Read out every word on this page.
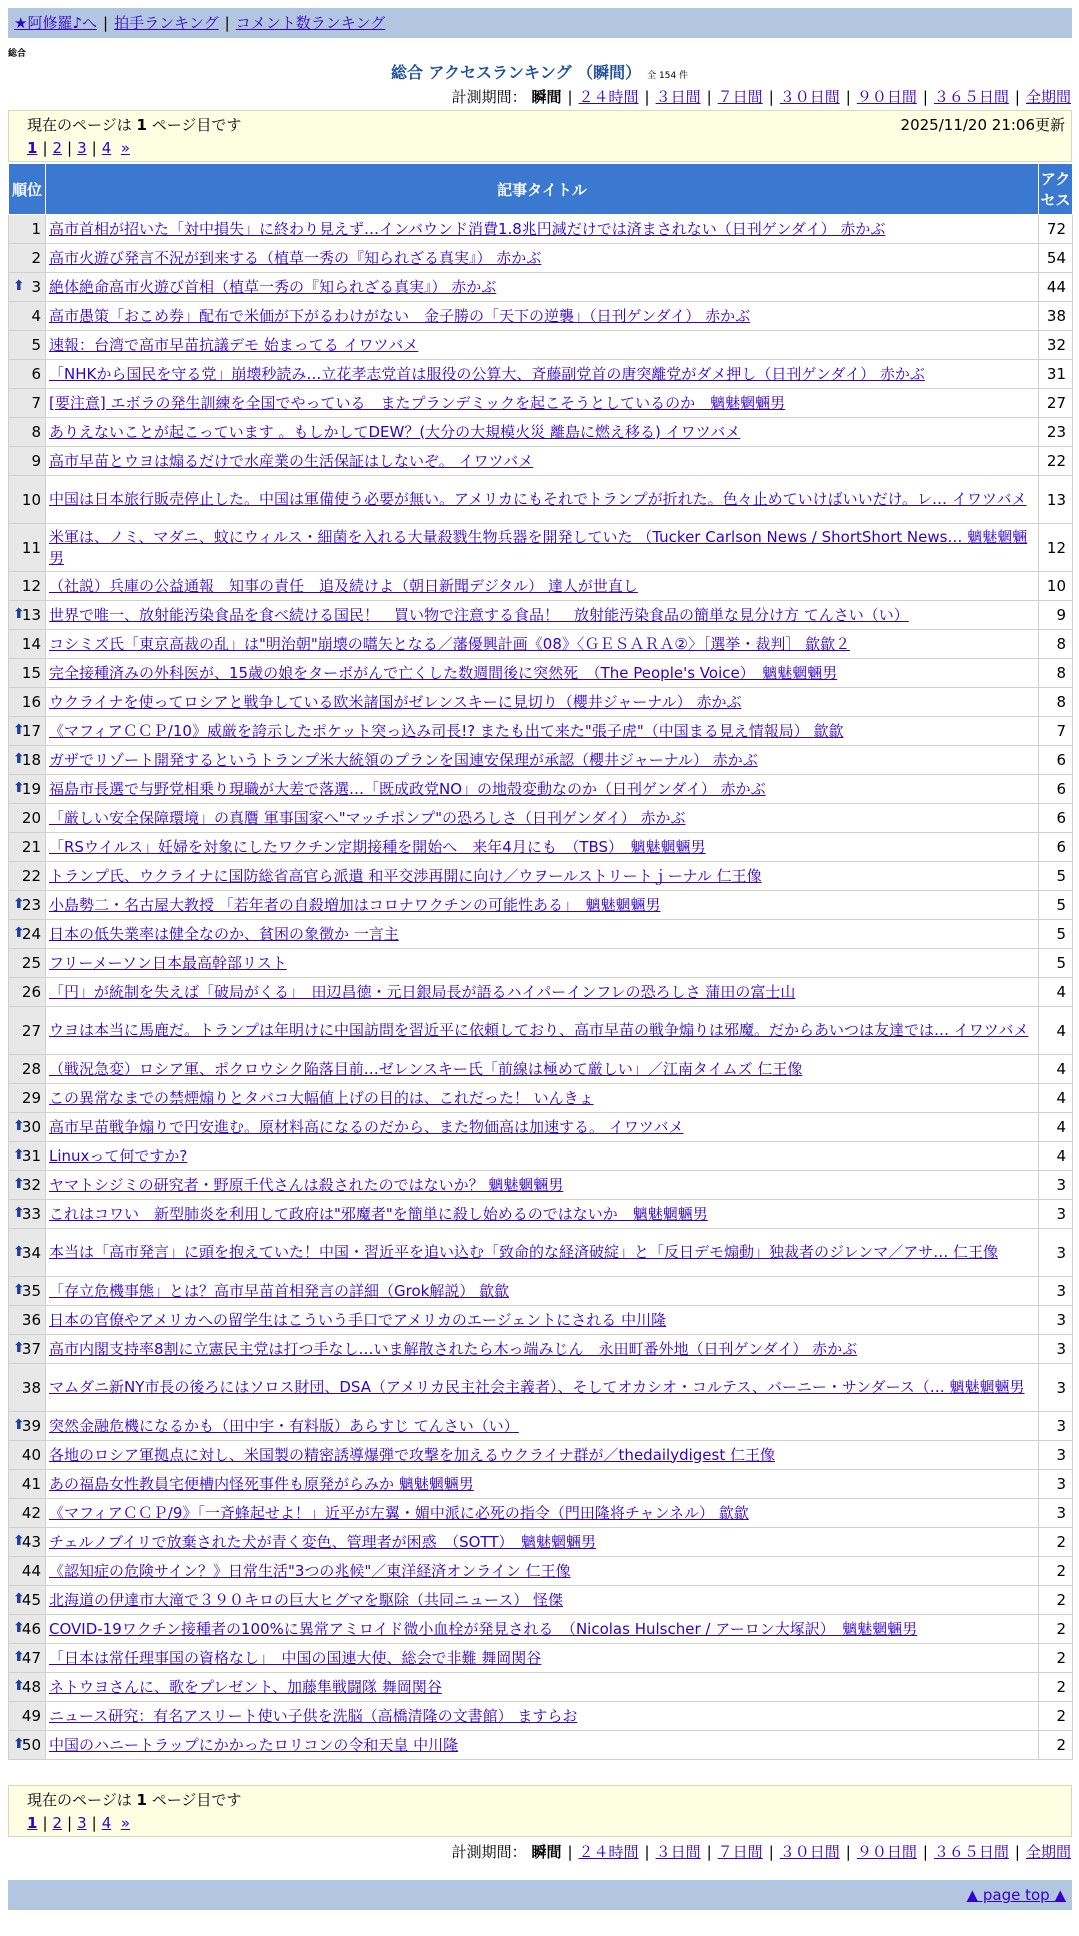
★阿修羅♪へ | 拍手ランキング | コメント数ランキング
総合
総合 アクセスランキング （瞬間） 全 154 件
計測期間： 瞬間 | ２４時間 | ３日間 | ７日間 | ３０日間 | ９０日間 | ３６５日間 | 全期間
現在のページは 1 ページ目です	2025/11/20 21:06更新
1 | 2 | 3 | 4 »
順位	記事タイトル	アクセス
1	高市首相が招いた「対中損失」に終わり見えず…インバウンド消費1.8兆円減だけでは済まされない（日刊ゲンダイ） 赤かぶ	72
2	高市火遊び発言不況が到来する（植草一秀の『知られざる真実』） 赤かぶ	54

⬆ 3	絶体絶命高市火遊び首相（植草一秀の『知られざる真実』） 赤かぶ	44
4	高市愚策「おこめ券」配布で米価が下がるわけがない　金子勝の「天下の逆襲」（日刊ゲンダイ） 赤かぶ	38
5	速報：台湾で高市早苗抗議デモ 始まってる イワツバメ	32
6	「NHKから国民を守る党」崩壊秒読み…立花孝志党首は服役の公算大、斉藤副党首の唐突離党がダメ押し（日刊ゲンダイ） 赤かぶ	31
7	[要注意] エボラの発生訓練を全国でやっている　またプランデミックを起こそうとしているのか　魑魅魍魎男	27
8	ありえないことが起こっています 。もしかしてDEW？(大分の大規模火災 離島に燃え移る) イワツバメ	23
9	高市早苗とウヨは煽るだけで水産業の生活保証はしないぞ。 イワツバメ	22
10	中国は日本旅行販売停止した。中国は軍備使う必要が無い。アメリカにもそれでトランプが折れた。色々止めていけばいいだけ。レ… イワツバメ	13
11	米軍は、ノミ、マダニ、蚊にウィルス・細菌を入れる大量殺戮生物兵器を開発していた （Tucker Carlson News / ShortShort News… 魑魅魍魎男	12
12	（社説）兵庫の公益通報　知事の責任　追及続けよ（朝日新聞デジタル） 達人が世直し	10

⬆
13	世界で唯一、放射能汚染食品を食べ続ける国民！　買い物で注意する食品！　放射能汚染食品の簡単な見分け方 てんさい（い）	9
14	コシミズ氏「東京高裁の乱」は"明治朝"崩壊の嚆矢となる／藩優興計画《08》〈ＧＥＳＡＲＡ②〉［選挙・裁判］ 歙歙２	8
15	完全接種済みの外科医が、15歳の娘をターボがんで亡くした数週間後に突然死　（The People's Voice）　魑魅魍魎男	8
16	ウクライナを使ってロシアと戦争している欧米諸国がゼレンスキーに見切り（櫻井ジャーナル） 赤かぶ	8

⬆
17	《マフィアＣＣＰ/10》威厳を誇示したポケット突っ込み司長!? またも出て来た"張子虎"（中国まる見え情報局） 歙歙	7

⬆
18	ガザでリゾート開発するというトランプ米大統領のプランを国連安保理が承認（櫻井ジャーナル） 赤かぶ	6

⬆
19	福島市長選で与野党相乗り現職が大差で落選…「既成政党NO」の地殻変動なのか（日刊ゲンダイ） 赤かぶ	6
20	「厳しい安全保障環境」の真贋 軍事国家へ"マッチポンプ"の恐ろしさ（日刊ゲンダイ） 赤かぶ	6
21	「RSウイルス」妊婦を対象にしたワクチン定期接種を開始へ　来年4月にも　（TBS）　魑魅魍魎男	6
22	トランプ氏、ウクライナに国防総省高官ら派遣 和平交渉再開に向け／ウヲールストリートｊーナル 仁王像	5

⬆
23	小島勢二・名古屋大教授 「若年者の自殺増加はコロナワクチンの可能性ある」　魑魅魍魎男	5

⬆
24	日本の低失業率は健全なのか、貧困の象徴か 一言主	5
25	フリーメーソン日本最高幹部リスト	5
26	「円」が統制を失えば「破局がくる」　田辺昌徳・元日銀局長が語るハイパーインフレの恐ろしさ 蒲田の富士山	4
27	ウヨは本当に馬鹿だ。トランプは年明けに中国訪問を習近平に依頼しており、高市早苗の戦争煽りは邪魔。だからあいつは友達では… イワツバメ	4
28	（戦況急変）ロシア軍、ポクロウシク陥落目前…ゼレンスキー氏「前線は極めて厳しい」／江南タイムズ 仁王像	4
29	この異常なまでの禁煙煽りとタバコ大幅値上げの目的は、これだった！ いんきょ	4

⬆
30	高市早苗戦争煽りで円安進む。原材料高になるのだから、また物価高は加速する。 イワツバメ	4

⬆
31	Linuxって何ですか?	4

⬆
32	ヤマトシジミの研究者・野原千代さんは殺されたのではないか？ 魑魅魍魎男	3

⬆
33	これはコワい　新型肺炎を利用して政府は"邪魔者"を簡単に殺し始めるのではないか　魑魅魍魎男	3

⬆
34	本当は「高市発言」に頭を抱えていた！中国・習近平を追い込む「致命的な経済破綻」と「反日デモ煽動」独裁者のジレンマ／アサ… 仁王像	3

⬆
35	「存立危機事態」とは？高市早苗首相発言の詳細（Grok解説） 歙歙	3
36	日本の官僚やアメリカへの留学生はこういう手口でアメリカのエージェントにされる 中川隆	3

⬆
37	高市内閣支持率8割に立憲民主党は打つ手なし…いま解散されたら木っ端みじん　永田町番外地（日刊ゲンダイ） 赤かぶ	3
38	マムダニ新NY市長の後ろにはソロス財団、DSA（アメリカ民主社会主義者）、そしてオカシオ・コルテス、バーニー・サンダース（… 魑魅魍魎男	3

⬆
39	突然金融危機になるかも（田中宇・有料版）あらすじ てんさい（い）	3
40	各地のロシア軍拠点に対し、米国製の精密誘導爆弾で攻撃を加えるウクライナ群が／thedailydigest 仁王像	3
41	あの福島女性教員宅便槽内怪死事件も原発がらみか 魑魅魍魎男	3
42	《マフィアＣＣＰ/9》「一斉蜂起せよ！」近平が左翼・媚中派に必死の指令（門田隆将チャンネル） 歙歙	3

⬆
43	チェルノブイリで放棄された犬が青く変色、管理者が困惑　（SOTT）　魑魅魍魎男	2
44	《認知症の危険サイン？》日常生活"3つの兆候"／東洋経済オンライン 仁王像	2

⬆
45	北海道の伊達市大滝で３９０キロの巨大ヒグマを駆除（共同ニュース） 怪傑	2

⬆
46	COVID-19ワクチン接種者の100%に異常アミロイド微小血栓が発見される　（Nicolas Hulscher / アーロン大塚訳）　魑魅魍魎男	2

⬆
47	「日本は常任理事国の資格なし」　中国の国連大使、総会で非難 舞岡関谷	2

⬆
48	ネトウヨさんに、歌をプレゼント、加藤隼戦闘隊 舞岡関谷	2
49	ニュース研究：有名アスリート使い子供を洗脳（高橋清隆の文書館） ますらお	2

⬆
50	中国のハニートラップにかかったロリコンの令和天皇 中川隆	2
現在のページは 1 ページ目です
1 | 2 | 3 | 4 »
計測期間： 瞬間 | ２４時間 | ３日間 | ７日間 | ３０日間 | ９０日間 | ３６５日間 | 全期間
▲ page top ▲
